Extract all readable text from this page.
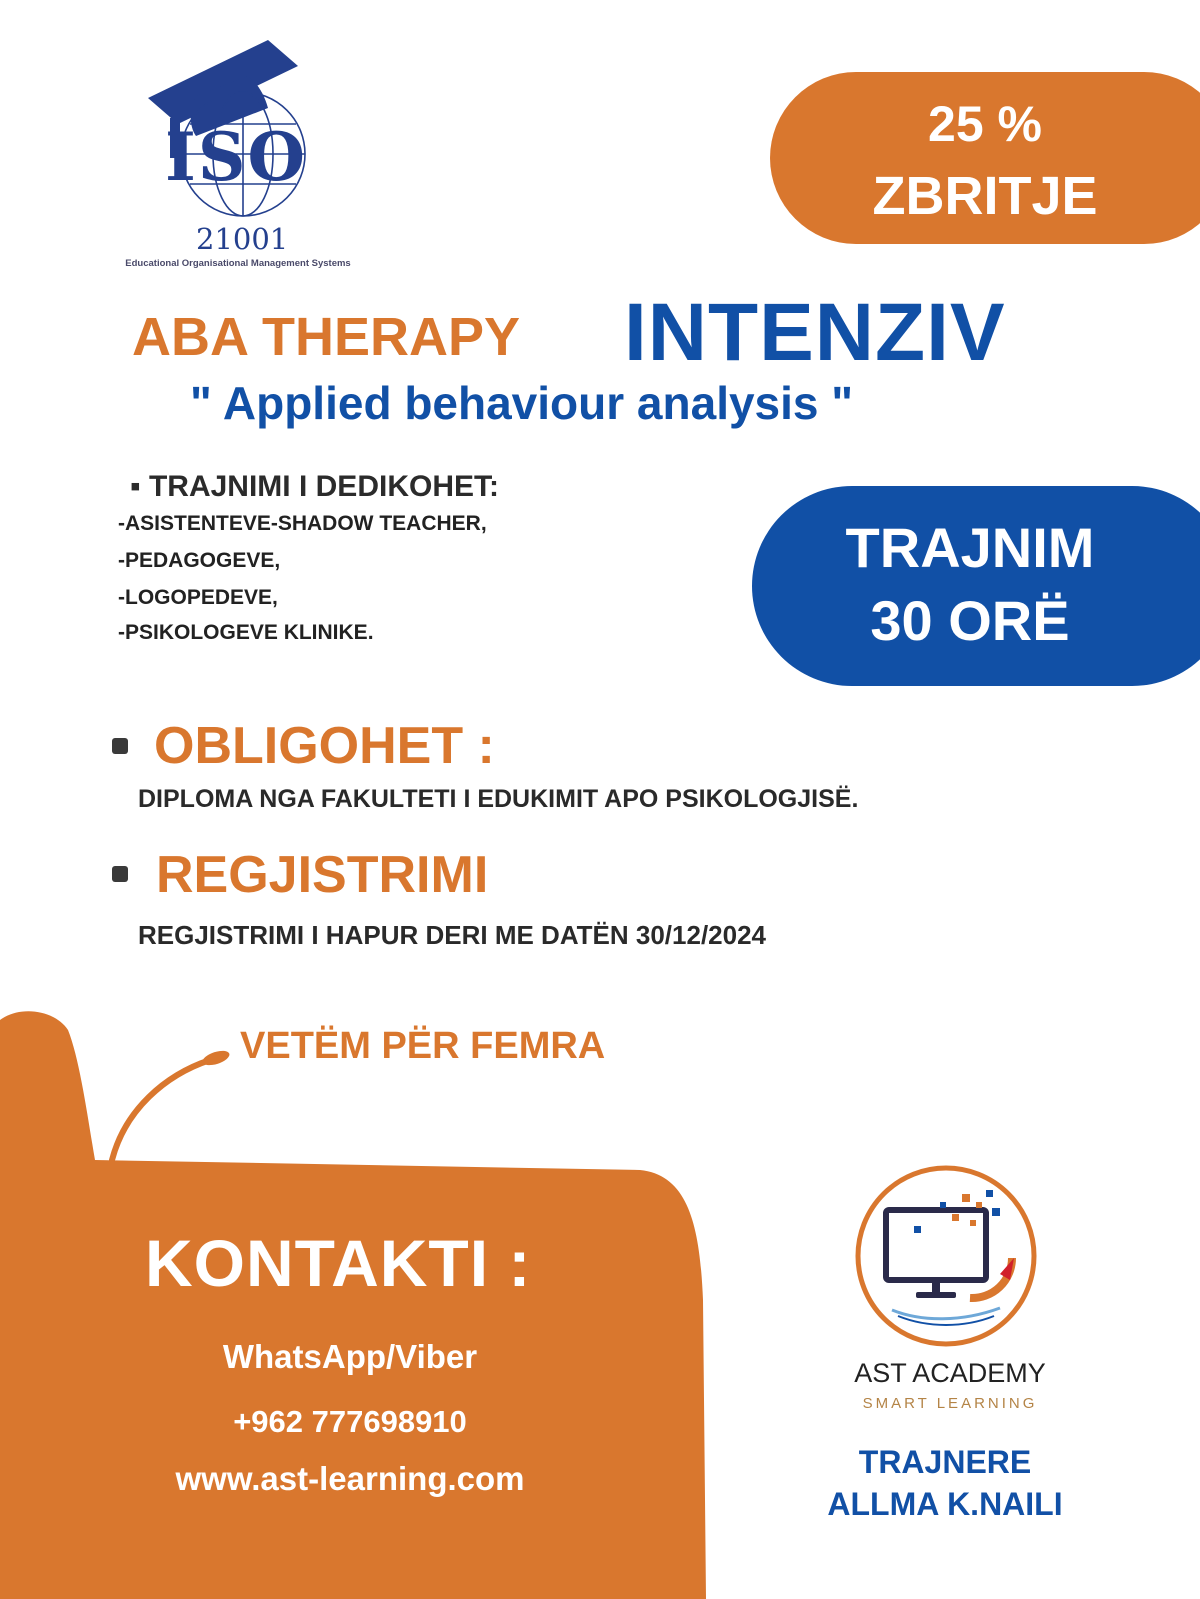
ISO
21001
Educational Organisational Management Systems
25 %
ZBRITJE
ABA THERAPY INTENZIV
" Applied behaviour analysis "
▪ TRAJNIMI I DEDIKOHET:
-ASISTENTEVE-SHADOW TEACHER,
-PEDAGOGEVE,
-LOGOPEDEVE,
-PSIKOLOGEVE KLINIKE.
TRAJNIM
30 ORË
OBLIGOHET :
DIPLOMA NGA FAKULTETI I EDUKIMIT APO PSIKOLOGJISË.
REGJISTRIMI
REGJISTRIMI I HAPUR DERI ME DATËN 30/12/2024
VETËM PËR FEMRA
KONTAKTI :
WhatsApp/Viber
+962 777698910
www.ast-learning.com
AST ACADEMY
SMART LEARNING
TRAJNERE
ALLMA K.NAILI
